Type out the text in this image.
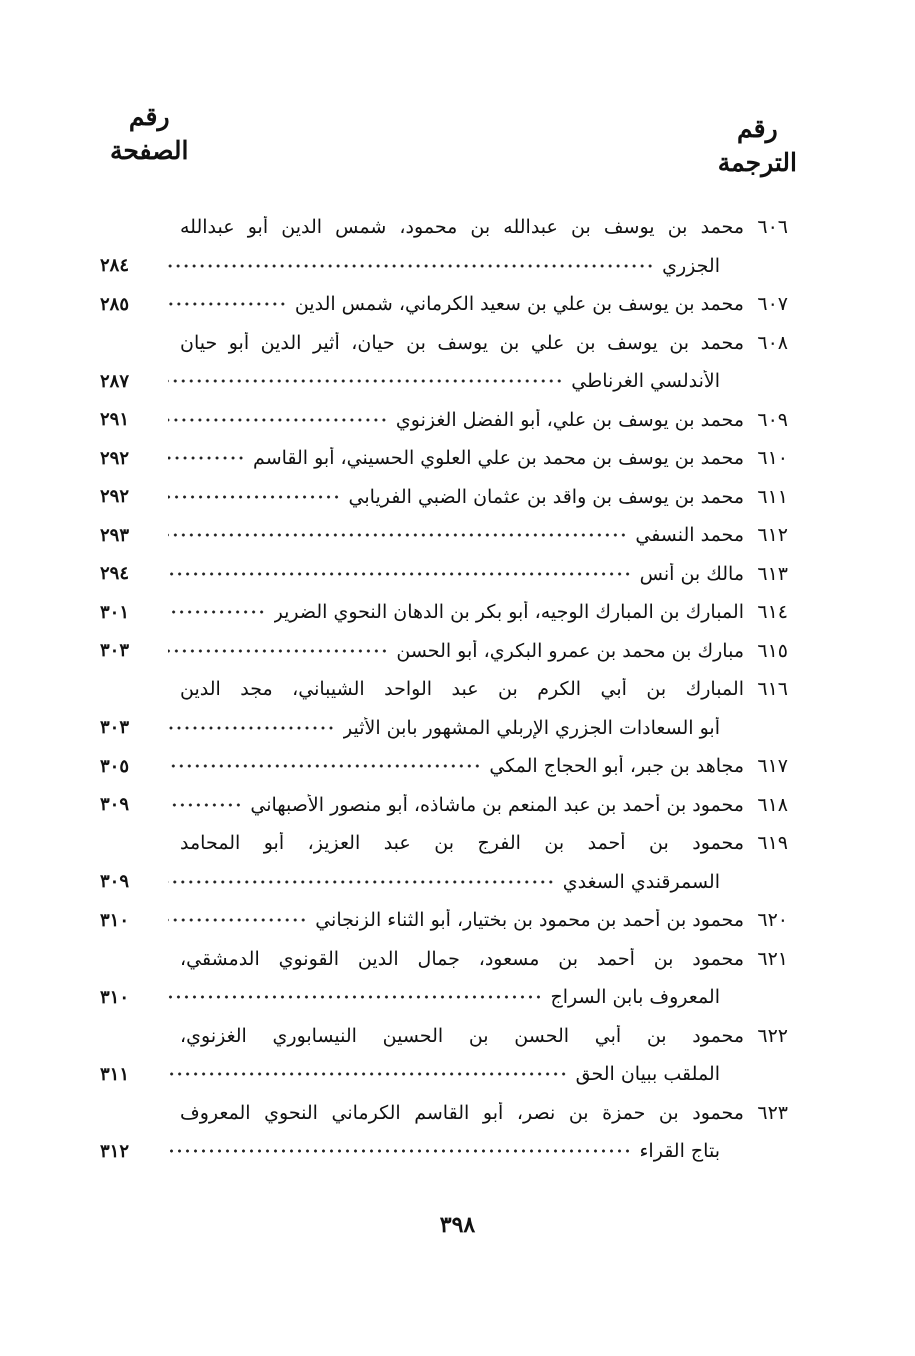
رقم
الترجمة
رقم
الصفحة
٦٠٦
محمد بن يوسف بن عبدالله بن محمود، شمس الدين أبو عبدالله
الجزري
٢٨٤
٦٠٧
محمد بن يوسف بن علي بن سعيد الكرماني، شمس الدين
٢٨٥
٦٠٨
محمد بن يوسف بن علي بن يوسف بن حيان، أثير الدين أبو حيان
الأندلسي الغرناطي
٢٨٧
٦٠٩
محمد بن يوسف بن علي، أبو الفضل الغزنوي
٢٩١
٦١٠
محمد بن يوسف بن محمد بن علي العلوي الحسيني، أبو القاسم
٢٩٢
٦١١
محمد بن يوسف بن واقد بن عثمان الضبي الفريابي
٢٩٢
٦١٢
محمد النسفي
٢٩٣
٦١٣
مالك بن أنس
٢٩٤
٦١٤
المبارك بن المبارك الوجيه، أبو بكر بن الدهان النحوي الضرير
٣٠١
٦١٥
مبارك بن محمد بن عمرو البكري، أبو الحسن
٣٠٣
٦١٦
المبارك بن أبي الكرم بن عبد الواحد الشيباني، مجد الدين
أبو السعادات الجزري الإربلي المشهور بابن الأثير
٣٠٣
٦١٧
مجاهد بن جبر، أبو الحجاج المكي
٣٠٥
٦١٨
محمود بن أحمد بن عبد المنعم بن ماشاذه، أبو منصور الأصبهاني
٣٠٩
٦١٩
محمود بن أحمد بن الفرج بن عبد العزيز، أبو المحامد
السمرقندي السغدي
٣٠٩
٦٢٠
محمود بن أحمد بن محمود بن بختيار، أبو الثناء الزنجاني
٣١٠
٦٢١
محمود بن أحمد بن مسعود، جمال الدين القونوي الدمشقي،
المعروف بابن السراج
٣١٠
٦٢٢
محمود بن أبي الحسن بن الحسين النيسابوري الغزنوي،
الملقب ببيان الحق
٣١١
٦٢٣
محمود بن حمزة بن نصر، أبو القاسم الكرماني النحوي المعروف
بتاج القراء
٣١٢
٣٩٨
